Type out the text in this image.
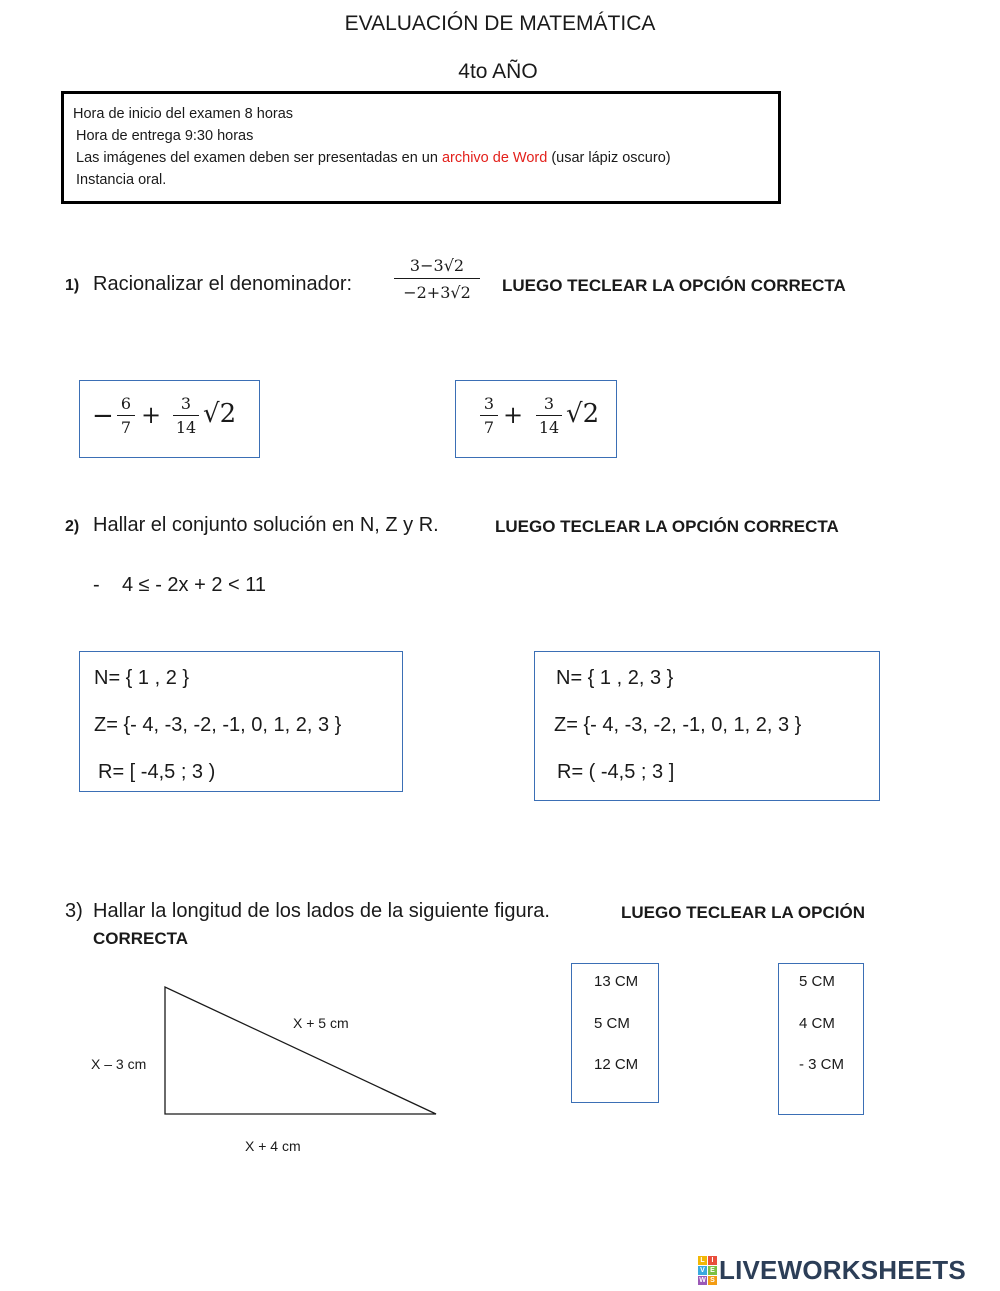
EVALUACIÓN DE MATEMÁTICA
4to AÑO
Hora de inicio del examen 8 horas
Hora de entrega 9:30 horas
Las imágenes del examen deben ser presentadas en un archivo de Word (usar lápiz oscuro)
Instancia oral.
1) Racionalizar el denominador:
3−3√2
−2+3√2	LUEGO TECLEAR LA OPCIÓN CORRECTA
− 6
7 +	3
14 √2	3
7 +	3
14 √2
2) Hallar el conjunto solución en N, Z y R.	LUEGO TECLEAR LA OPCIÓN CORRECTA
- 4 ≤ - 2x + 2 < 11
N= { 1 , 2 }
Z= {- 4, -3, -2, -1, 0, 1, 2, 3 }
R= [ -4,5 ; 3 )
N= { 1 , 2, 3 }
Z= {- 4, -3, -2, -1, 0, 1, 2, 3 }
R= ( -4,5 ; 3 ]
3) Hallar la longitud de los lados de la siguiente figura.	LUEGO TECLEAR LA OPCIÓN
CORRECTA
X – 3 cm
X + 5 cm
X + 4 cm
13 CM
5 CM
12 CM
5 CM
4 CM
- 3 CM
L I
V E
W S LIVEWORKSHEETS
